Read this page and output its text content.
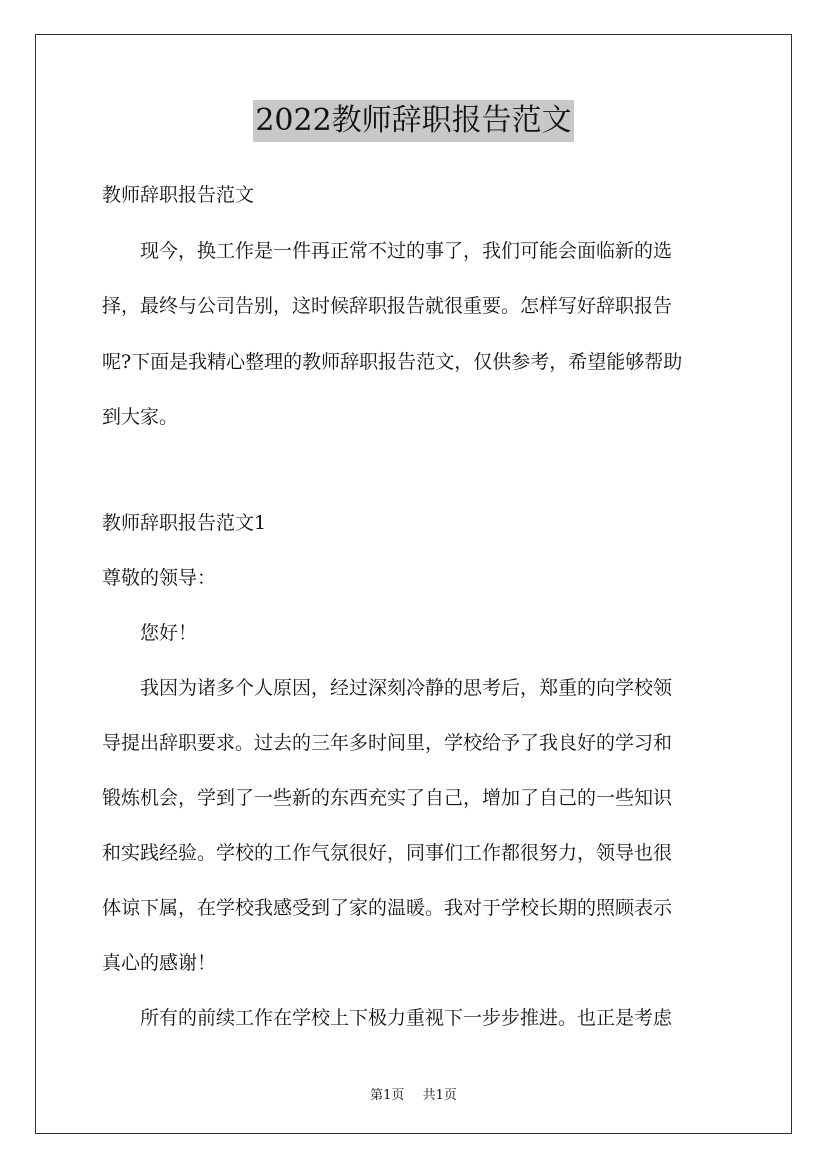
2022教师辞职报告范文
教师辞职报告范文
　　现今，换工作是一件再正常不过的事了，我们可能会面临新的选
择，最终与公司告别，这时候辞职报告就很重要。怎样写好辞职报告
呢?下面是我精心整理的教师辞职报告范文，仅供参考，希望能够帮助
到大家。
教师辞职报告范文1
尊敬的领导：
　　您好！
　　我因为诸多个人原因，经过深刻冷静的思考后，郑重的向学校领
导提出辞职要求。过去的三年多时间里，学校给予了我良好的学习和
锻炼机会，学到了一些新的东西充实了自己，增加了自己的一些知识
和实践经验。学校的工作气氛很好，同事们工作都很努力，领导也很
体谅下属，在学校我感受到了家的温暖。我对于学校长期的照顾表示
真心的感谢！
　　所有的前续工作在学校上下极力重视下一步步推进。也正是考虑
第1页 共1页
